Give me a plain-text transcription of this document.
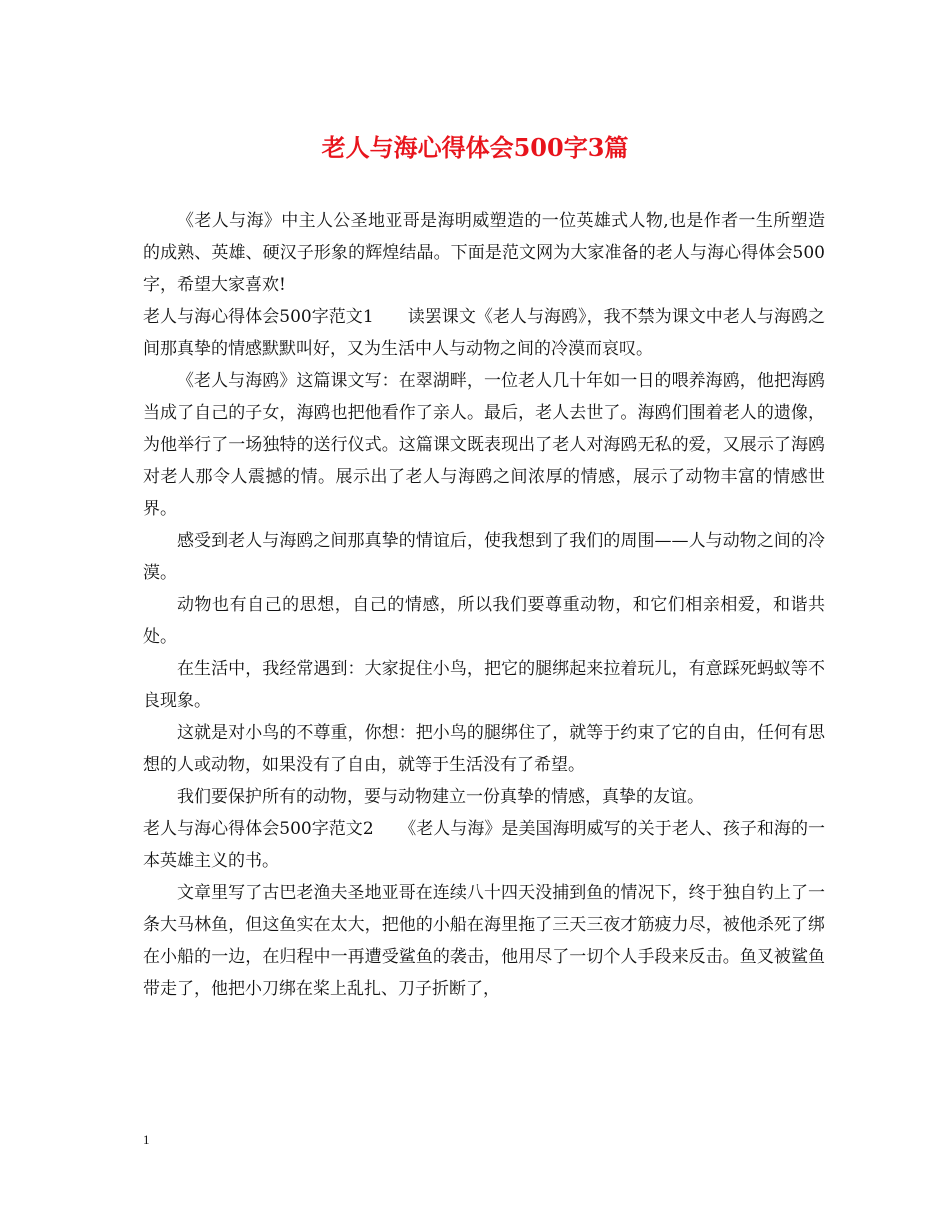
老人与海心得体会500字3篇

《老人与海》中主人公圣地亚哥是海明威塑造的一位英雄式人物,也是作者一生所塑造的成熟、英雄、硬汉子形象的辉煌结晶。下面是范文网为大家准备的老人与海心得体会500字，希望大家喜欢!

老人与海心得体会500字范文1　　读罢课文《老人与海鸥》，我不禁为课文中老人与海鸥之间那真挚的情感默默叫好，又为生活中人与动物之间的冷漠而哀叹。

《老人与海鸥》这篇课文写：在翠湖畔，一位老人几十年如一日的喂养海鸥，他把海鸥当成了自己的子女，海鸥也把他看作了亲人。最后，老人去世了。海鸥们围着老人的遗像，为他举行了一场独特的送行仪式。这篇课文既表现出了老人对海鸥无私的爱，又展示了海鸥对老人那令人震撼的情。展示出了老人与海鸥之间浓厚的情感，展示了动物丰富的情感世界。

感受到老人与海鸥之间那真挚的情谊后，使我想到了我们的周围——人与动物之间的冷漠。

动物也有自己的思想，自己的情感，所以我们要尊重动物，和它们相亲相爱，和谐共处。

在生活中，我经常遇到：大家捉住小鸟，把它的腿绑起来拉着玩儿，有意踩死蚂蚁等不良现象。

这就是对小鸟的不尊重，你想：把小鸟的腿绑住了，就等于约束了它的自由，任何有思想的人或动物，如果没有了自由，就等于生活没有了希望。

我们要保护所有的动物，要与动物建立一份真挚的情感，真挚的友谊。

老人与海心得体会500字范文2　　《老人与海》是美国海明威写的关于老人、孩子和海的一本英雄主义的书。

文章里写了古巴老渔夫圣地亚哥在连续八十四天没捕到鱼的情况下，终于独自钓上了一条大马林鱼，但这鱼实在太大，把他的小船在海里拖了三天三夜才筋疲力尽，被他杀死了绑在小船的一边，在归程中一再遭受鲨鱼的袭击，他用尽了一切个人手段来反击。鱼叉被鲨鱼带走了，他把小刀绑在桨上乱扎、刀子折断了，

1
